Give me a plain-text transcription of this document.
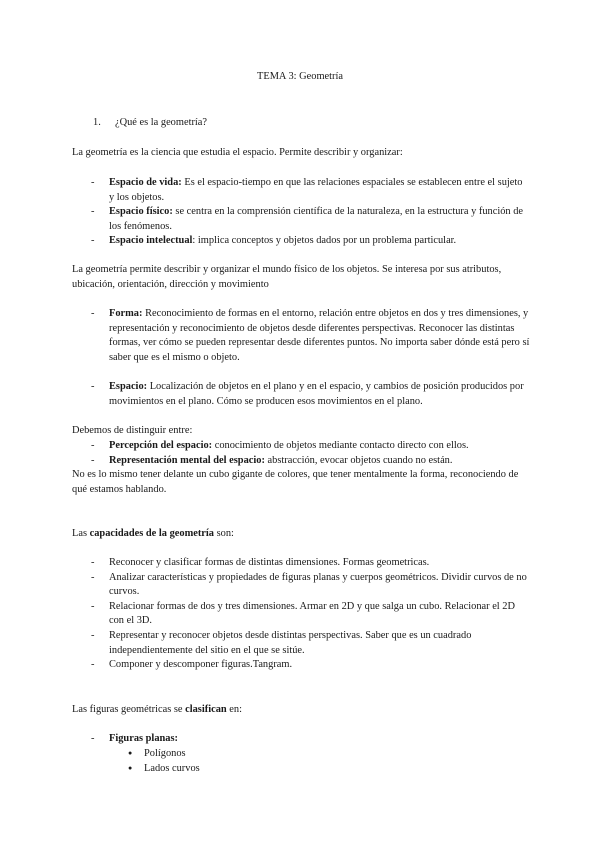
TEMA 3: Geometría
1. ¿Qué es la geometría?

La geometría es la ciencia que estudia el espacio. Permite describir y organizar:

- Espacio de vida: Es el espacio-tiempo en que las relaciones espaciales se establecen entre el sujeto y los objetos.
- Espacio físico: se centra en la comprensión científica de la naturaleza, en la estructura y función de los fenómenos.
- Espacio intelectual: implica conceptos y objetos dados por un problema particular.

La geometría permite describir y organizar el mundo físico de los objetos. Se interesa por sus atributos, ubicación, orientación, dirección y movimiento

- Forma: Reconocimiento de formas en el entorno, relación entre objetos en dos y tres dimensiones, y representación y reconocimiento de objetos desde diferentes perspectivas. Reconocer las distintas formas, ver cómo se pueden representar desde diferentes puntos. No importa saber dónde está pero sí saber que es el mismo o objeto.
- Espacio: Localización de objetos en el plano y en el espacio, y cambios de posición producidos por movimientos en el plano. Cómo se producen esos movimientos en el plano.

Debemos de distinguir entre:

- Percepción del espacio: conocimiento de objetos mediante contacto directo con ellos.
- Representación mental del espacio: abstracción, evocar objetos cuando no están.

No es lo mismo tener delante un cubo gigante de colores, que tener mentalmente la forma, reconociendo de qué estamos hablando.

Las capacidades de la geometría son:

- Reconocer y clasificar formas de distintas dimensiones. Formas geometricas.
- Analizar características y propiedades de figuras planas y cuerpos geométricos. Dividir curvos de no curvos.
- Relacionar formas de dos y tres dimensiones. Armar en 2D y que salga un cubo. Relacionar el 2D con el 3D.
- Representar y reconocer objetos desde distintas perspectivas. Saber que es un cuadrado independientemente del sitio en el que se sitúe.
- Componer y descomponer figuras.Tangram.

Las figuras geométricas se clasifican en:

- Figuras planas:
● Polígonos
● Lados curvos
